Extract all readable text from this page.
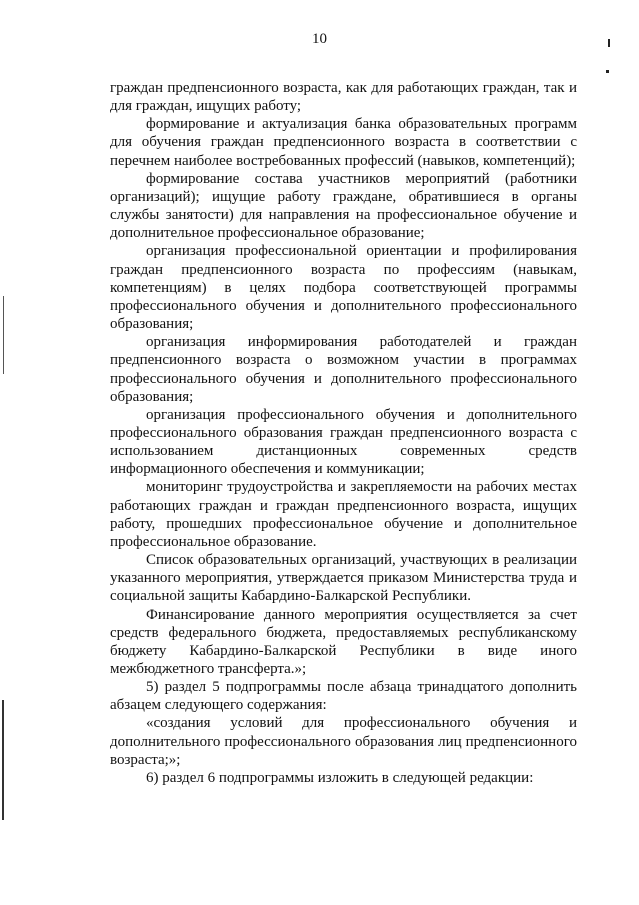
10

граждан предпенсионного возраста, как для работающих граждан, так и для граждан, ищущих работу;

формирование и актуализация банка образовательных программ для обучения граждан предпенсионного возраста в соответствии с перечнем наиболее востребованных профессий (навыков, компетенций);

формирование состава участников мероприятий (работники организаций); ищущие работу граждане, обратившиеся в органы службы занятости) для направления на профессиональное обучение и дополнительное профессиональное образование;

организация профессиональной ориентации и профилирования граждан предпенсионного возраста по профессиям (навыкам, компетенциям) в целях подбора соответствующей программы профессионального обучения и дополнительного профессионального образования;

организация информирования работодателей и граждан предпенсионного возраста о возможном участии в программах профессионального обучения и дополнительного профессионального образования;

организация профессионального обучения и дополнительного профессионального образования граждан предпенсионного возраста с использованием дистанционных современных средств информационного обеспечения и коммуникации;

мониторинг трудоустройства и закрепляемости на рабочих местах работающих граждан и граждан предпенсионного возраста, ищущих работу, прошедших профессиональное обучение и дополнительное профессиональное образование.

Список образовательных организаций, участвующих в реализации указанного мероприятия, утверждается приказом Министерства труда и социальной защиты Кабардино-Балкарской Республики.

Финансирование данного мероприятия осуществляется за счет средств федерального бюджета, предоставляемых республиканскому бюджету Кабардино-Балкарской Республики в виде иного межбюджетного трансферта.»;

5) раздел 5 подпрограммы после абзаца тринадцатого дополнить абзацем следующего содержания:

«создания условий для профессионального обучения и дополнительного профессионального образования лиц предпенсионного возраста;»;

6) раздел 6 подпрограммы изложить в следующей редакции:
